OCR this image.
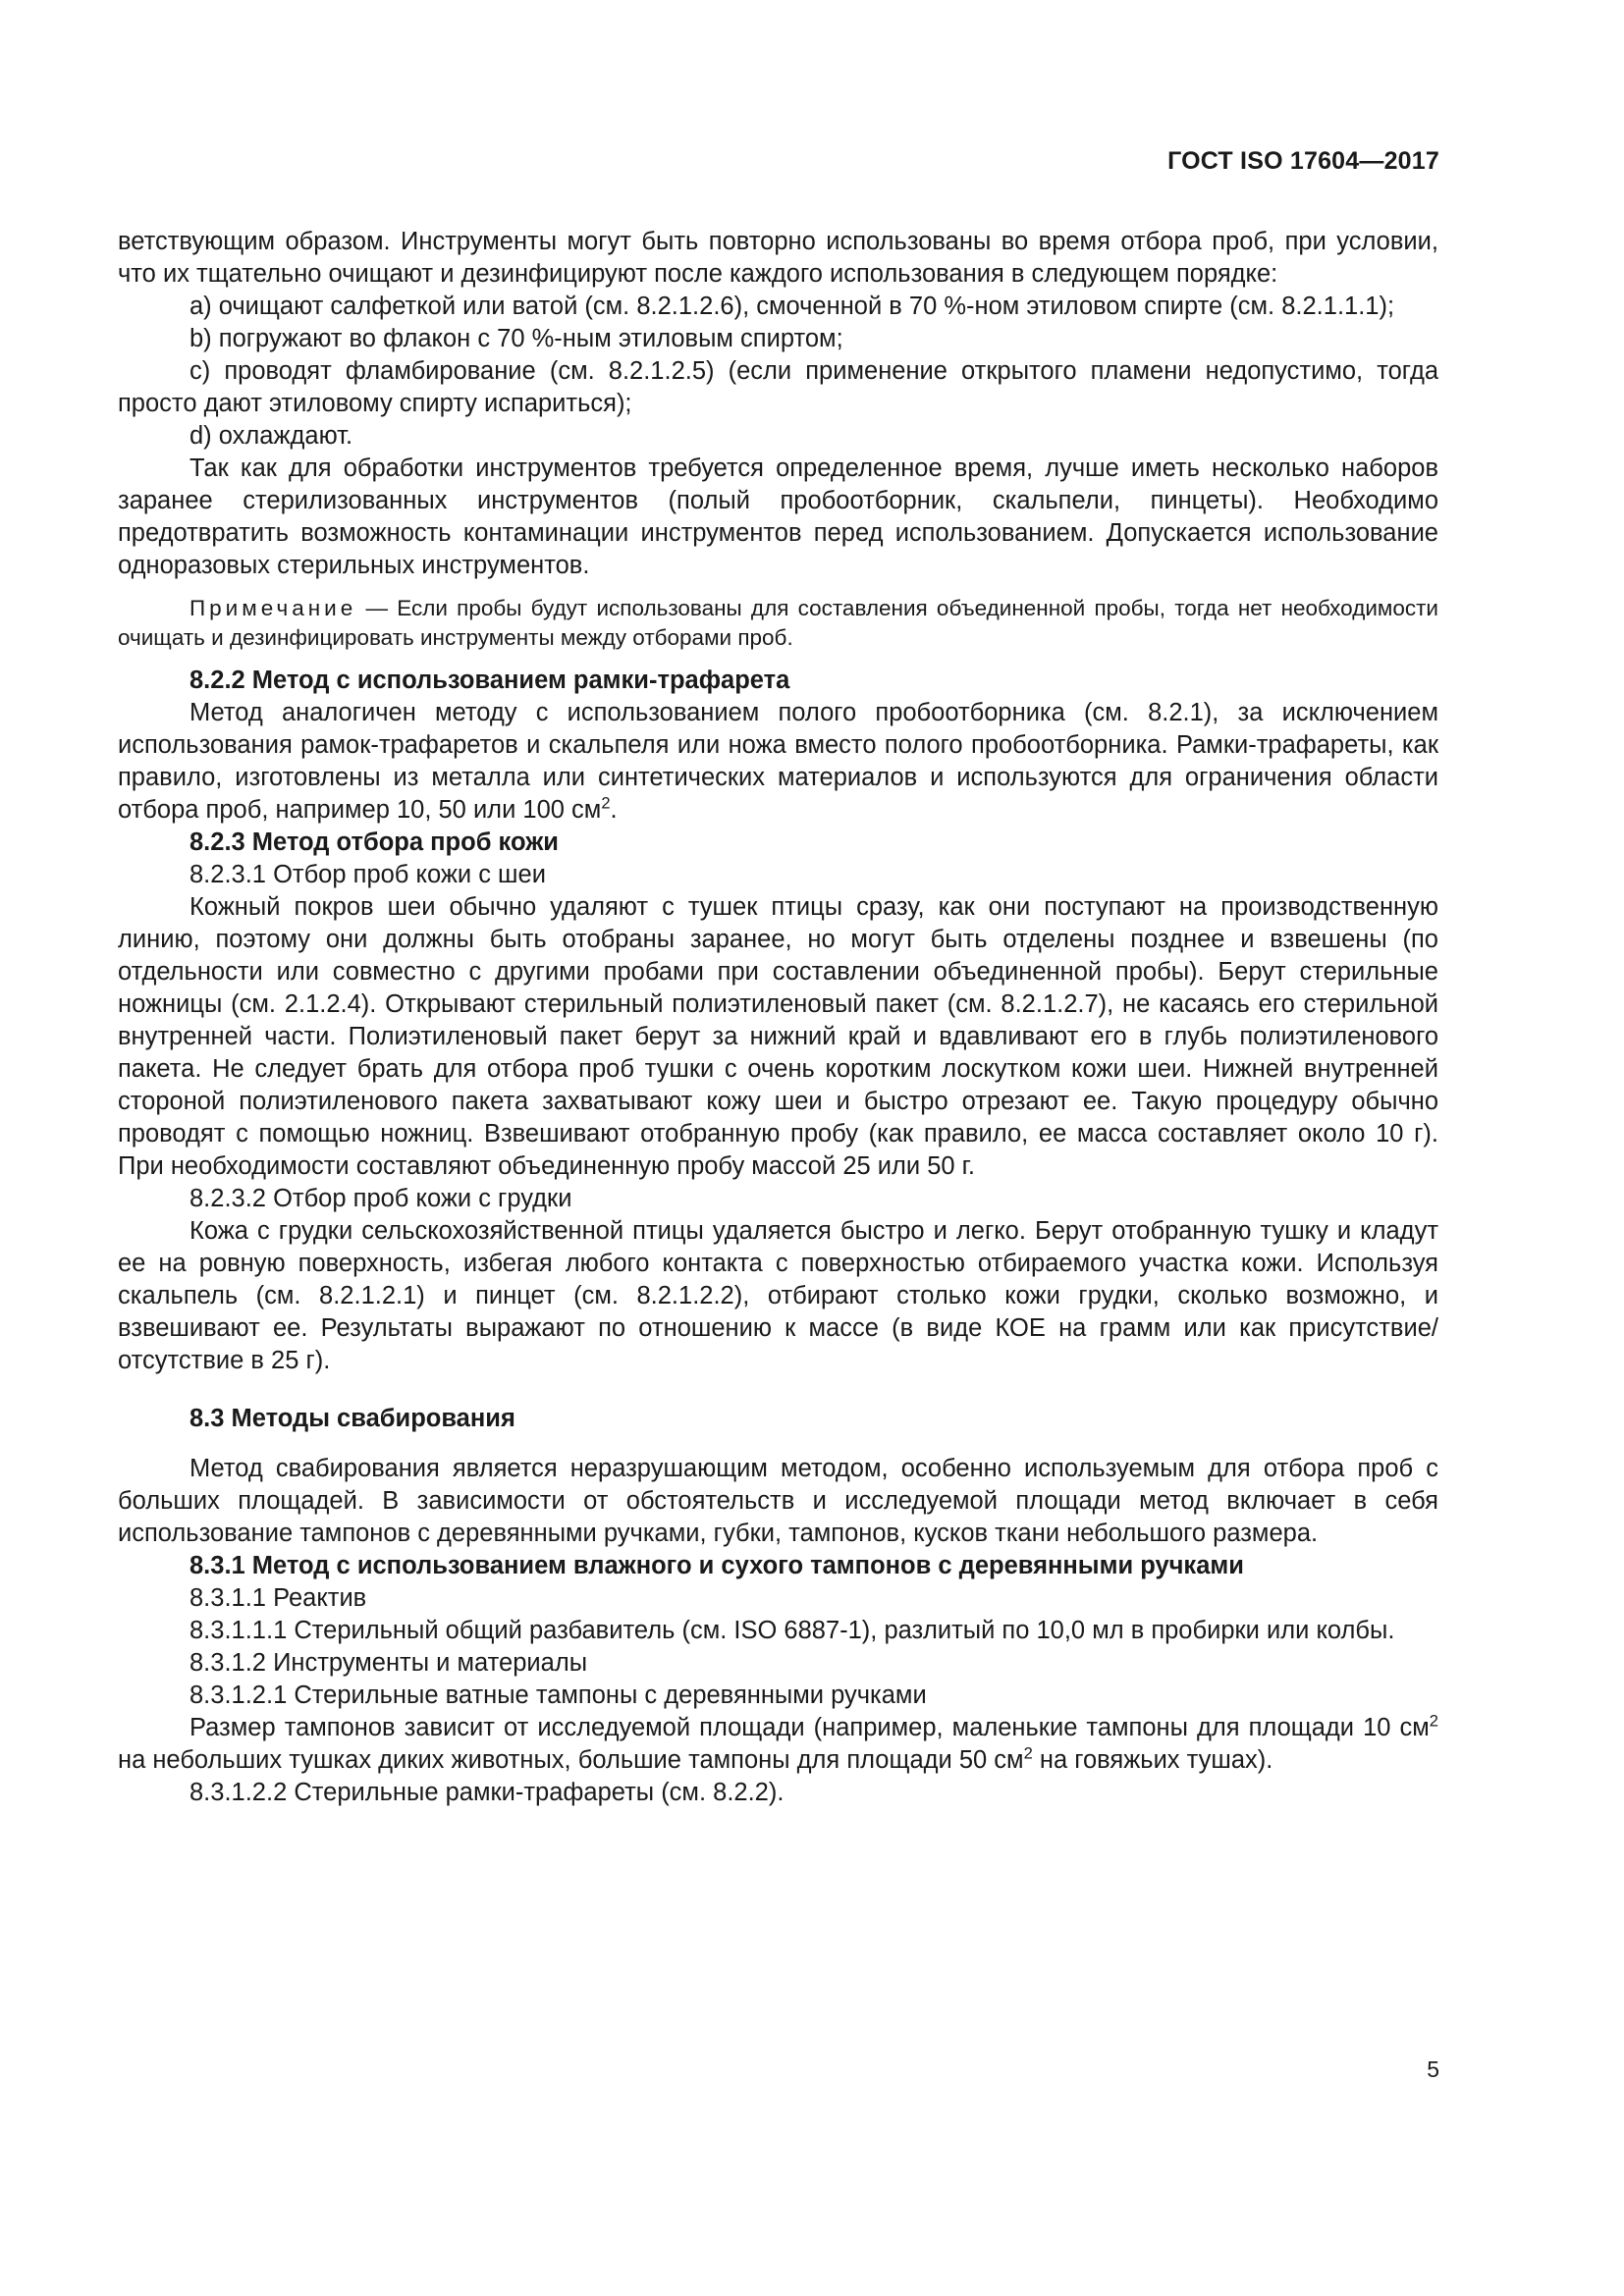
ГОСТ ISO 17604—2017

ветствующим образом. Инструменты могут быть повторно использованы во время отбора проб, при условии, что их тщательно очищают и дезинфицируют после каждого использования в следующем порядке:

а) очищают салфеткой или ватой (см. 8.2.1.2.6), смоченной в 70 %-ном этиловом спирте (см. 8.2.1.1.1);

b) погружают во флакон с 70 %-ным этиловым спиртом;

с) проводят фламбирование (см. 8.2.1.2.5) (если применение открытого пламени недопустимо, тогда просто дают этиловому спирту испариться);

d) охлаждают.

Так как для обработки инструментов требуется определенное время, лучше иметь несколько наборов заранее стерилизованных инструментов (полый пробоотборник, скальпели, пинцеты). Необходимо предотвратить возможность контаминации инструментов перед использованием. Допускается использование одноразовых стерильных инструментов.

Примечание — Если пробы будут использованы для составления объединенной пробы, тогда нет необходимости очищать и дезинфицировать инструменты между отборами проб.

8.2.2 Метод с использованием рамки-трафарета

Метод аналогичен методу с использованием полого пробоотборника (см. 8.2.1), за исключением использования рамок-трафаретов и скальпеля или ножа вместо полого пробоотборника. Рамки-трафареты, как правило, изготовлены из металла или синтетических материалов и используются для ограничения области отбора проб, например 10, 50 или 100 $см^2$.

8.2.3 Метод отбора проб кожи

8.2.3.1 Отбор проб кожи с шеи

Кожный покров шеи обычно удаляют с тушек птицы сразу, как они поступают на производственную линию, поэтому они должны быть отобраны заранее, но могут быть отделены позднее и взвешены (по отдельности или совместно с другими пробами при составлении объединенной пробы). Берут стерильные ножницы (см. 2.1.2.4). Открывают стерильный полиэтиленовый пакет (см. 8.2.1.2.7), не касаясь его стерильной внутренней части. Полиэтиленовый пакет берут за нижний край и вдавливают его в глубь полиэтиленового пакета. Не следует брать для отбора проб тушки с очень коротким лоскутком кожи шеи. Нижней внутренней стороной полиэтиленового пакета захватывают кожу шеи и быстро отрезают ее. Такую процедуру обычно проводят с помощью ножниц. Взвешивают отобранную пробу (как правило, ее масса составляет около 10 г). При необходимости составляют объединенную пробу массой 25 или 50 г.

8.2.3.2 Отбор проб кожи с грудки

Кожа с грудки сельскохозяйственной птицы удаляется быстро и легко. Берут отобранную тушку и кладут ее на ровную поверхность, избегая любого контакта с поверхностью отбираемого участка кожи. Используя скальпель (см. 8.2.1.2.1) и пинцет (см. 8.2.1.2.2), отбирают столько кожи грудки, сколько возможно, и взвешивают ее. Результаты выражают по отношению к массе (в виде КОЕ на грамм или как присутствие/отсутствие в 25 г).

8.3 Методы свабирования

Метод свабирования является неразрушающим методом, особенно используемым для отбора проб с больших площадей. В зависимости от обстоятельств и исследуемой площади метод включает в себя использование тампонов с деревянными ручками, губки, тампонов, кусков ткани небольшого размера.

8.3.1 Метод с использованием влажного и сухого тампонов с деревянными ручками

8.3.1.1 Реактив

8.3.1.1.1 Стерильный общий разбавитель (см. ISO 6887-1), разлитый по 10,0 мл в пробирки или колбы.

8.3.1.2 Инструменты и материалы

8.3.1.2.1 Стерильные ватные тампоны с деревянными ручками

Размер тампонов зависит от исследуемой площади (например, маленькие тампоны для площади 10 $см^2$ на небольших тушках диких животных, большие тампоны для площади 50 $см^2$ на говяжьих тушах).

8.3.1.2.2 Стерильные рамки-трафареты (см. 8.2.2).

5
